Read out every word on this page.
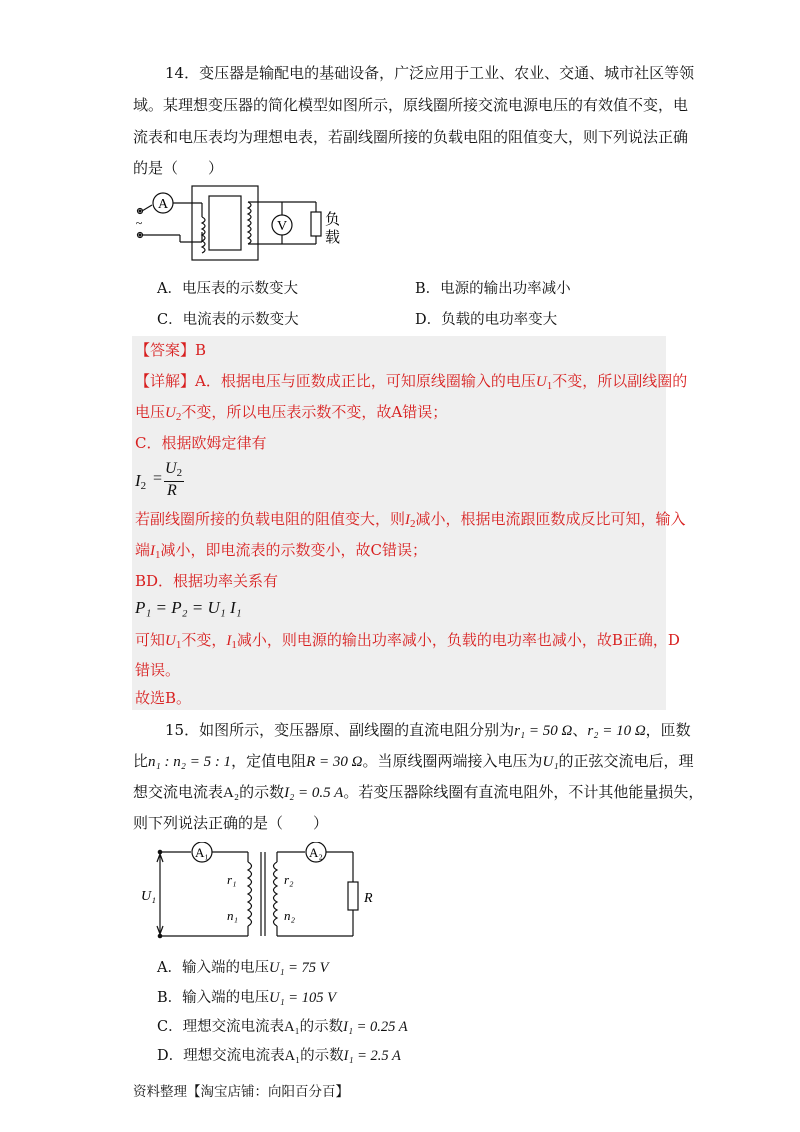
14．变压器是输配电的基础设备，广泛应用于工业、农业、交通、城市社区等领
域。某理想变压器的简化模型如图所示，原线圈所接交流电源电压的有效值不变，电
流表和电压表均为理想电表，若副线圈所接的负载电阻的阻值变大，则下列说法正确
的是（　　）
A
V
~	负
载
A．电压表的示数变大	B．电源的输出功率减小
C．电流表的示数变大	D．负载的电功率变大
【答案】B
【详解】A．根据电压与匝数成正比，可知原线圈输入的电压$U_1$不变，所以副线圈的
电压$U_2$不变，所以电压表示数不变，故A错误；
C．根据欧姆定律有
$I_2$ =
$U_2$
R
若副线圈所接的负载电阻的阻值变大，则$I_2$减小，根据电流跟匝数成反比可知，输入
端$I_1$减小，即电流表的示数变小，故C错误；
BD．根据功率关系有
P₁ = P₂ = U₁ I₁
可知$U_1$不变，$I_1$减小，则电源的输出功率减小，负载的电功率也减小，故B正确，D
错误。
故选B。
15．如图所示，变压器原、副线圈的直流电阻分别为r₁ = 50 Ω、r₂ = 10 Ω，匝数
比n₁ : n₂ = 5 : 1，定值电阻R = 30 Ω。当原线圈两端接入电压为U₁的正弦交流电后，理
想交流电流表A₂的示数I₂ = 0.5 A。若变压器除线圈有直流电阻外，不计其他能量损失，
则下列说法正确的是（　　）
A₁	A₂
U₁
r₁
n₁
r₂
n₂
R
A．输入端的电压U₁ = 75 V
B．输入端的电压U₁ = 105 V
C．理想交流电流表A₁的示数I₁ = 0.25 A
D．理想交流电流表A₁的示数I₁ = 2.5 A
资料整理【淘宝店铺：向阳百分百】
